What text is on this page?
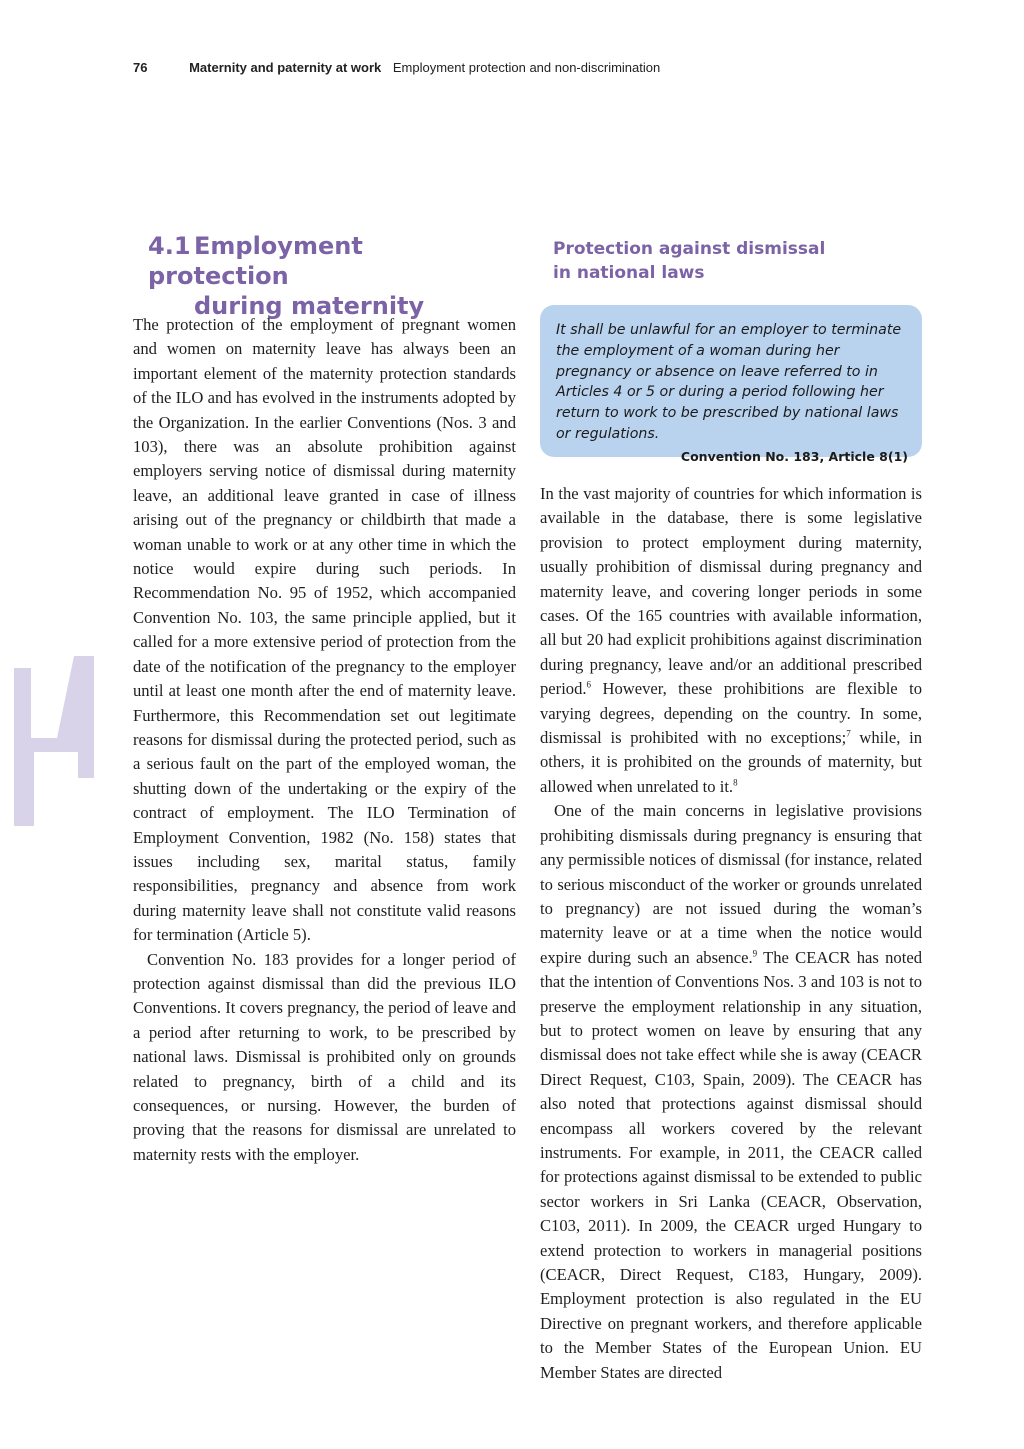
76	Maternity and paternity at work Employment protection and non-discrimination
4.1 Employment protection
during maternity

The protection of the employment of pregnant women and women on maternity leave has always been an important element of the maternity protection standards of the ILO and has evolved in the instruments adopted by the Organization. In the earlier Conventions (Nos. 3 and 103), there was an absolute prohibition against employers serving notice of dismissal during maternity leave, an additional leave granted in case of illness arising out of the pregnancy or childbirth that made a woman unable to work or at any other time in which the notice would expire during such periods. In Recommendation No. 95 of 1952, which accompanied Convention No. 103, the same principle applied, but it called for a more extensive period of protection from the date of the notification of the pregnancy to the employer until at least one month after the end of maternity leave. Furthermore, this Recommendation set out legitimate reasons for dismissal during the protected period, such as a serious fault on the part of the employed woman, the shutting down of the undertaking or the expiry of the contract of employment. The ILO Termination of Employment Convention, 1982 (No. 158) states that issues including sex, marital status, family responsibilities, pregnancy and absence from work during maternity leave shall not constitute valid reasons for termination (Article 5).

Convention No. 183 provides for a longer period of protection against dismissal than did the previous ILO Conventions. It covers pregnancy, the period of leave and a period after returning to work, to be prescribed by national laws. Dismissal is prohibited only on grounds related to pregnancy, birth of a child and its consequences, or nursing. However, the burden of proving that the reasons for dismissal are unrelated to maternity rests with the employer.

Protection against dismissal
in national laws
It shall be unlawful for an employer to terminate the employment of a woman during her pregnancy or absence on leave referred to in Articles 4 or 5 or during a period following her return to work to be prescribed by national laws or regulations.
Convention No. 183, Article 8(1)

In the vast majority of countries for which information is available in the database, there is some legislative provision to protect employment during maternity, usually prohibition of dismissal during pregnancy and maternity leave, and covering longer periods in some cases. Of the 165 countries with available information, all but 20 had explicit prohibitions against discrimination during pregnancy, leave and/or an additional prescribed period.$^6$ However, these prohibitions are flexible to varying degrees, depending on the country. In some, dismissal is prohibited with no exceptions;$^7$ while, in others, it is prohibited on the grounds of maternity, but allowed when unrelated to it.$^8$

One of the main concerns in legislative provisions prohibiting dismissals during pregnancy is ensuring that any permissible notices of dismissal (for instance, related to serious misconduct of the worker or grounds unrelated to pregnancy) are not issued during the woman’s maternity leave or at a time when the notice would expire during such an absence.$^9$ The CEACR has noted that the intention of Conventions Nos. 3 and 103 is not to preserve the employment relationship in any situation, but to protect women on leave by ensuring that any dismissal does not take effect while she is away (CEACR Direct Request, C103, Spain, 2009). The CEACR has also noted that protections against dismissal should encompass all workers covered by the relevant instruments. For example, in 2011, the CEACR called for protections against dismissal to be extended to public sector workers in Sri Lanka (CEACR, Observation, C103, 2011). In 2009, the CEACR urged Hungary to extend protection to workers in managerial positions (CEACR, Direct Request, C183, Hungary, 2009). Employment protection is also regulated in the EU Directive on pregnant workers, and therefore applicable to the Member States of the European Union. EU Member States are directed
